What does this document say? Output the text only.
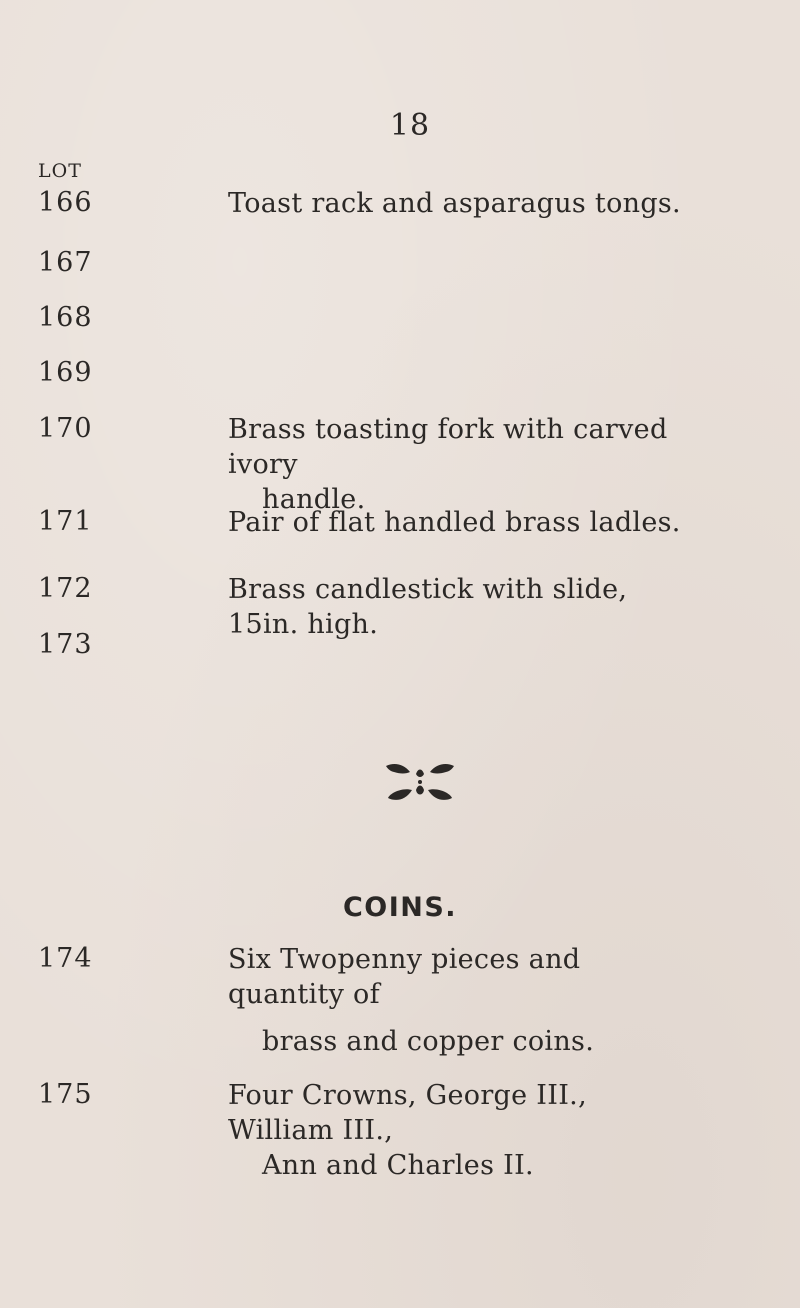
18
LOT
166	Toast rack and asparagus tongs.
167
168
169
170	Brass toasting fork with carved ivory
handle.
171	Pair of flat handled brass ladles.
172	Brass candlestick with slide, 15in. high.
173
COINS.
174	Six Twopenny pieces and quantity of
brass and copper coins.
175	Four Crowns, George III., William III.,
Ann and Charles II.
